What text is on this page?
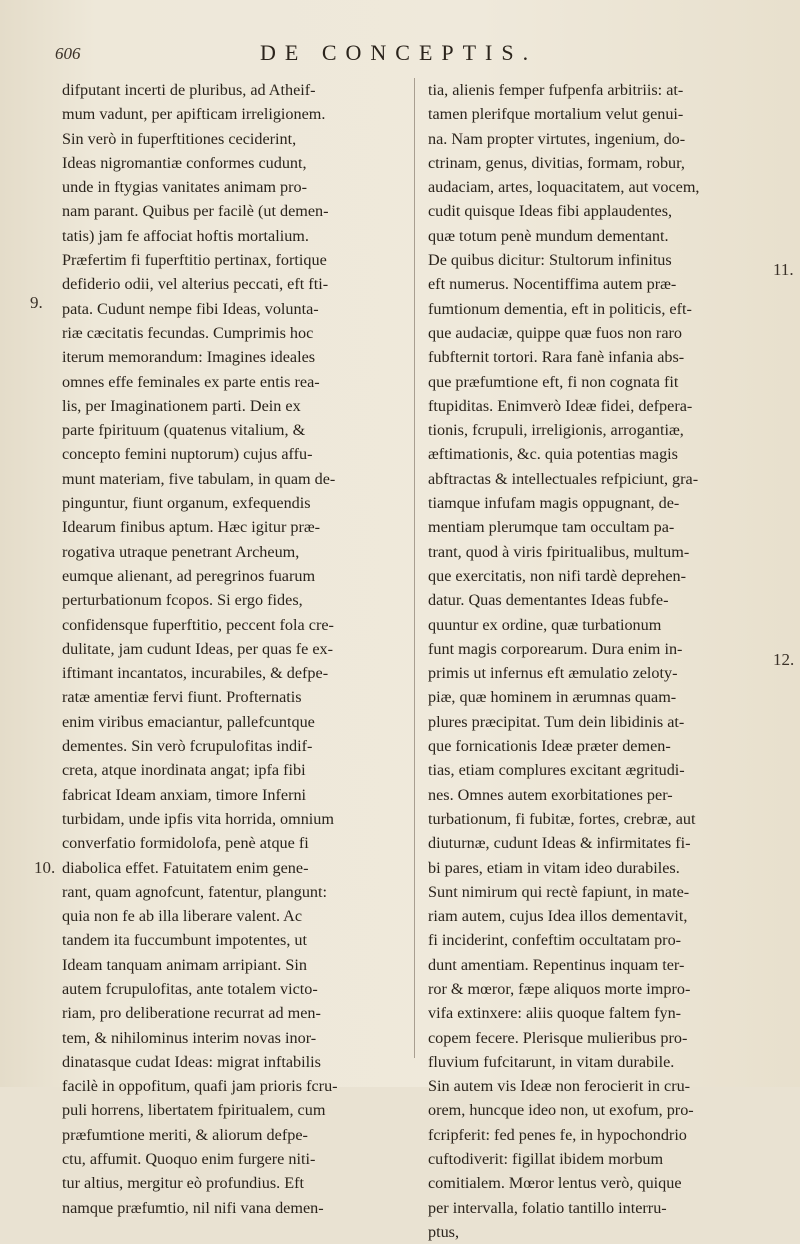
606	DE CONCEPTIS.
9.
10.
11.
12.
difputant incerti de pluribus, ad Atheif-
mum vadunt, per apifticam irreligionem.
Sin verò in fuperftitiones ceciderint,
Ideas nigromantiæ conformes cudunt,
unde in ftygias vanitates animam pro-
nam parant. Quibus per facilè (ut demen-
tatis) jam fe affociat hoftis mortalium.
Præfertim fi fuperftitio pertinax, fortique
defiderio odii, vel alterius peccati, eft fti-
pata. Cudunt nempe fibi Ideas, volunta-
riæ cæcitatis fecundas. Cumprimis hoc
iterum memorandum: Imagines ideales
omnes effe feminales ex parte entis rea-
lis, per Imaginationem parti. Dein ex
parte fpirituum (quatenus vitalium, &
concepto femini nuptorum) cujus affu-
munt materiam, five tabulam, in quam de-
pinguntur, fiunt organum, exfequendis
Idearum finibus aptum. Hæc igitur præ-
rogativa utraque penetrant Archeum,
eumque alienant, ad peregrinos fuarum
perturbationum fcopos. Si ergo fides,
confidensque fuperftitio, peccent fola cre-
dulitate, jam cudunt Ideas, per quas fe ex-
iftimant incantatos, incurabiles, & defpe-
ratæ amentiæ fervi fiunt. Profternatis
enim viribus emaciantur, pallefcuntque
dementes. Sin verò fcrupulofitas indif-
creta, atque inordinata angat; ipfa fibi
fabricat Ideam anxiam, timore Inferni
turbidam, unde ipfis vita horrida, omnium
converfatio formidolofa, penè atque fi
diabolica effet. Fatuitatem enim gene-
rant, quam agnofcunt, fatentur, plangunt:
quia non fe ab illa liberare valent. Ac
tandem ita fuccumbunt impotentes, ut
Ideam tanquam animam arripiant. Sin
autem fcrupulofitas, ante totalem victo-
riam, pro deliberatione recurrat ad men-
tem, & nihilominus interim novas inor-
dinatasque cudat Ideas: migrat inftabilis
facilè in oppofitum, quafi jam prioris fcru-
puli horrens, libertatem fpiritualem, cum
præfumtione meriti, & aliorum defpe-
ctu, affumit. Quoquo enim furgere niti-
tur altius, mergitur eò profundius. Eft
namque præfumtio, nil nifi vana demen-
tia, alienis femper fufpenfa arbitriis: at-
tamen plerifque mortalium velut genui-
na. Nam propter virtutes, ingenium, do-
ctrinam, genus, divitias, formam, robur,
audaciam, artes, loquacitatem, aut vocem,
cudit quisque Ideas fibi applaudentes,
quæ totum penè mundum dementant.
De quibus dicitur: Stultorum infinitus
eft numerus. Nocentiffima autem præ-
fumtionum dementia, eft in politicis, eft-
que audaciæ, quippe quæ fuos non raro
fubfternit tortori. Rara fanè infania abs-
que præfumtione eft, fi non cognata fit
ftupiditas. Enimverò Ideæ fidei, defpera-
tionis, fcrupuli, irreligionis, arrogantiæ,
æftimationis, &c. quia potentias magis
abftractas & intellectuales refpiciunt, gra-
tiamque infufam magis oppugnant, de-
mentiam plerumque tam occultam pa-
trant, quod à viris fpiritualibus, multum-
que exercitatis, non nifi tardè deprehen-
datur. Quas dementantes Ideas fubfe-
quuntur ex ordine, quæ turbationum
funt magis corporearum. Dura enim in-
primis ut infernus eft æmulatio zeloty-
piæ, quæ hominem in ærumnas quam-
plures præcipitat. Tum dein libidinis at-
que fornicationis Ideæ præter demen-
tias, etiam complures excitant ægritudi-
nes. Omnes autem exorbitationes per-
turbationum, fi fubitæ, fortes, crebræ, aut
diuturnæ, cudunt Ideas & infirmitates fi-
bi pares, etiam in vitam ideo durabiles.
Sunt nimirum qui rectè fapiunt, in mate-
riam autem, cujus Idea illos dementavit,
fi inciderint, confeftim occultatam pro-
dunt amentiam. Repentinus inquam ter-
ror & mœror, fæpe aliquos morte impro-
vifa extinxere: aliis quoque faltem fyn-
copem fecere. Plerisque mulieribus pro-
fluvium fufcitarunt, in vitam durabile.
Sin autem vis Ideæ non ferocierit in cru-
orem, huncque ideo non, ut exofum, pro-
fcripferit: fed penes fe, in hypochondrio
cuftodiverit: figillat ibidem morbum
comitialem. Mœror lentus verò, quique
per intervalla, folatio tantillo interru-
ptus,
